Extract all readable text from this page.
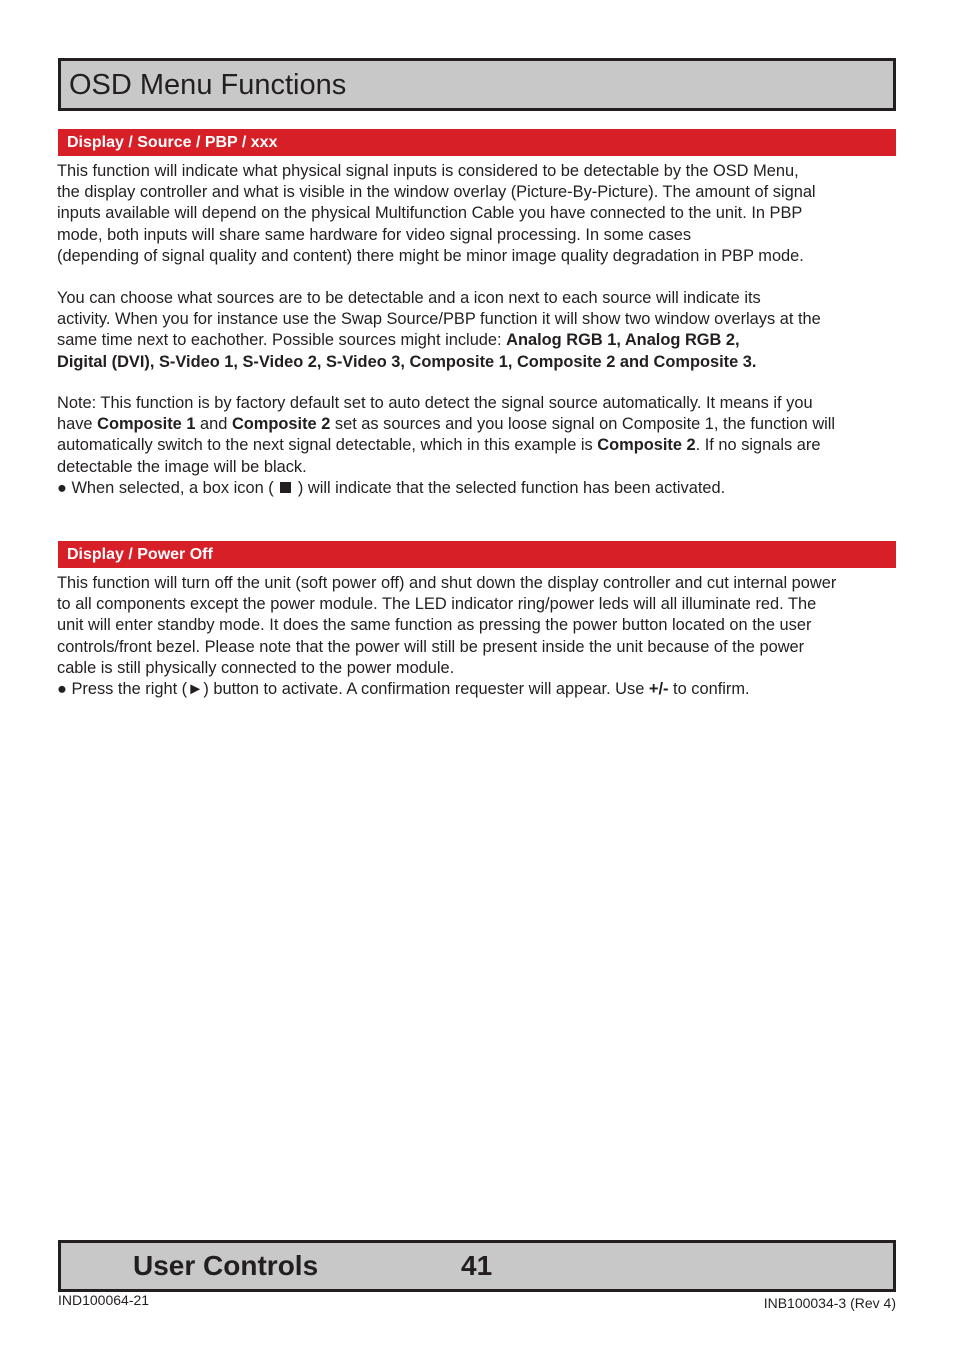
OSD Menu Functions
Display / Source / PBP / xxx
This function will indicate what physical signal inputs is considered to be detectable by the OSD Menu,
the display controller and what is visible in the window overlay (Picture-By-Picture). The amount of signal
inputs available will depend on the physical Multifunction Cable you have connected to the unit. In PBP
mode, both inputs will share same hardware for video signal processing. In some cases
(depending of signal quality and content) there might be minor image quality degradation in PBP mode.
You can choose what sources are to be detectable and a icon next to each source will indicate its
activity. When you for instance use the Swap Source/PBP function it will show two window overlays at the
same time next to eachother. Possible sources might include: Analog RGB 1, Analog RGB 2,
Digital (DVI), S-Video 1, S-Video 2, S-Video 3, Composite 1, Composite 2 and Composite 3.
Note: This function is by factory default set to auto detect the signal source automatically. It means if you
have Composite 1 and Composite 2 set as sources and you loose signal on Composite 1, the function will
automatically switch to the next signal detectable, which in this example is Composite 2. If no signals are
detectable the image will be black.
● When selected, a box icon ( ) will indicate that the selected function has been activated.
Display / Power Off
This function will turn off the unit (soft power off) and shut down the display controller and cut internal power
to all components except the power module. The LED indicator ring/power leds will all illuminate red. The
unit will enter standby mode. It does the same function as pressing the power button located on the user
controls/front bezel. Please note that the power will still be present inside the unit because of the power
cable is still physically connected to the power module.
● Press the right (►) button to activate. A confirmation requester will appear. Use +/- to confirm.
User Controls	41
IND100064-21	INB100034-3 (Rev 4)
